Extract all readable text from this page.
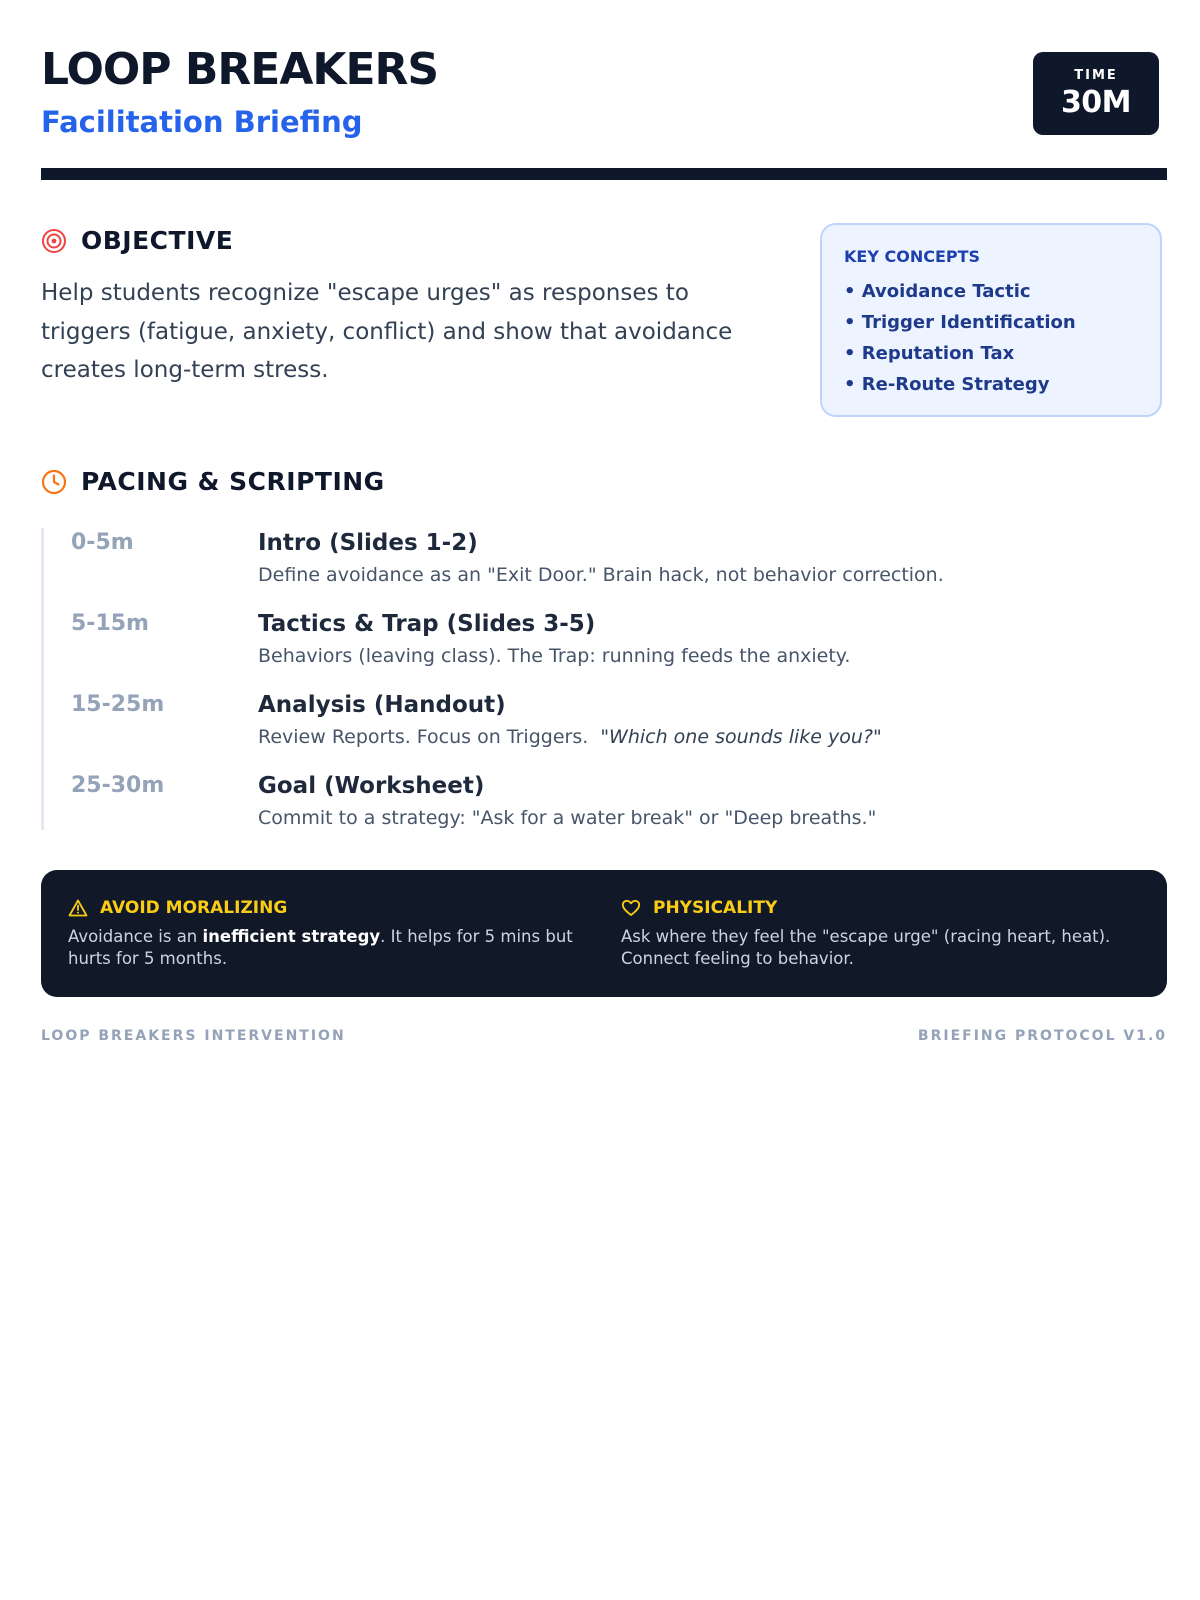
LOOP BREAKERS
Facilitation Briefing
TIME
30M
OBJECTIVE
Help students recognize "escape urges" as responses to triggers (fatigue, anxiety, conflict) and show that avoidance creates long-term stress.
KEY CONCEPTS
• Avoidance Tactic
• Trigger Identification
• Reputation Tax
• Re-Route Strategy
PACING & SCRIPTING
0-5m	Intro (Slides 1-2)
Define avoidance as an "Exit Door." Brain hack, not behavior correction.
5-15m	Tactics & Trap (Slides 3-5)
Behaviors (leaving class). The Trap: running feeds the anxiety.
15-25m	Analysis (Handout)
Review Reports. Focus on Triggers. "Which one sounds like you?"
25-30m	Goal (Worksheet)
Commit to a strategy: "Ask for a water break" or "Deep breaths."
AVOID MORALIZING
Avoidance is an inefficient strategy. It helps for 5 mins but hurts for 5 months.
PHYSICALITY
Ask where they feel the "escape urge" (racing heart, heat). Connect feeling to behavior.
LOOP BREAKERS INTERVENTION	BRIEFING PROTOCOL V1.0
